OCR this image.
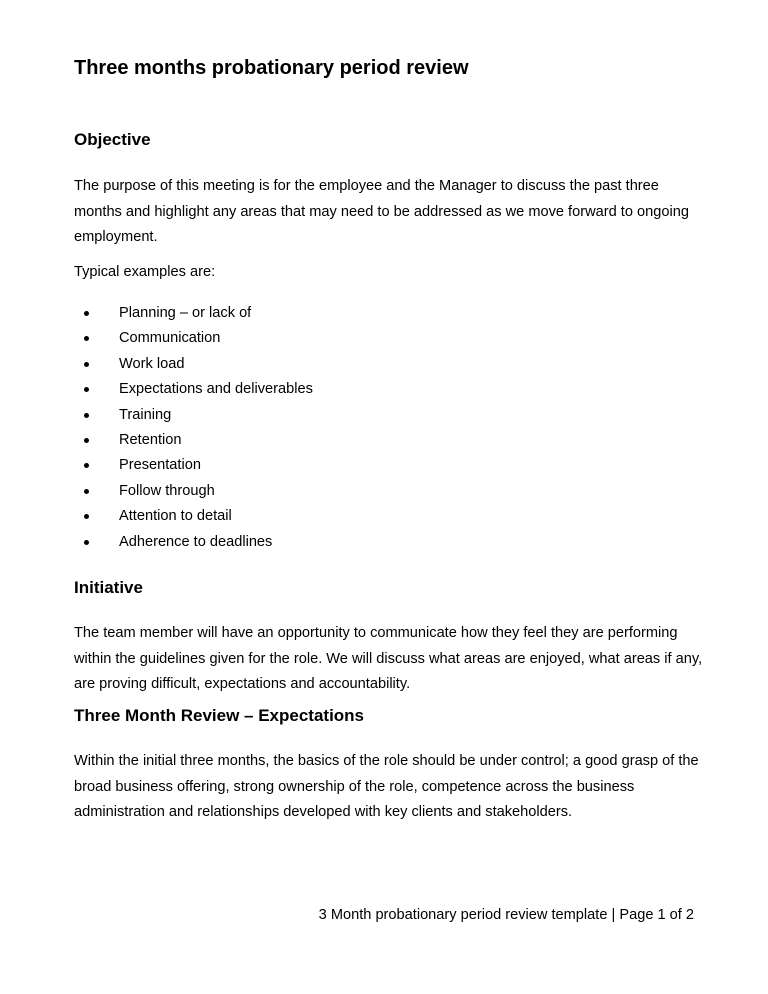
Three months probationary period review
Objective

The purpose of this meeting is for the employee and the Manager to discuss the past three months and highlight any areas that may need to be addressed as we move forward to ongoing employment.

Typical examples are:

Planning – or lack of
Communication
Work load
Expectations and deliverables
Training
Retention
Presentation
Follow through
Attention to detail
Adherence to deadlines
Initiative

The team member will have an opportunity to communicate how they feel they are performing within the guidelines given for the role. We will discuss what areas are enjoyed, what areas if any, are proving difficult, expectations and accountability.

Three Month Review – Expectations

Within the initial three months, the basics of the role should be under control; a good grasp of the broad business offering, strong ownership of the role, competence across the business administration and relationships developed with key clients and stakeholders.

3 Month probationary period review template | Page 1 of 2
